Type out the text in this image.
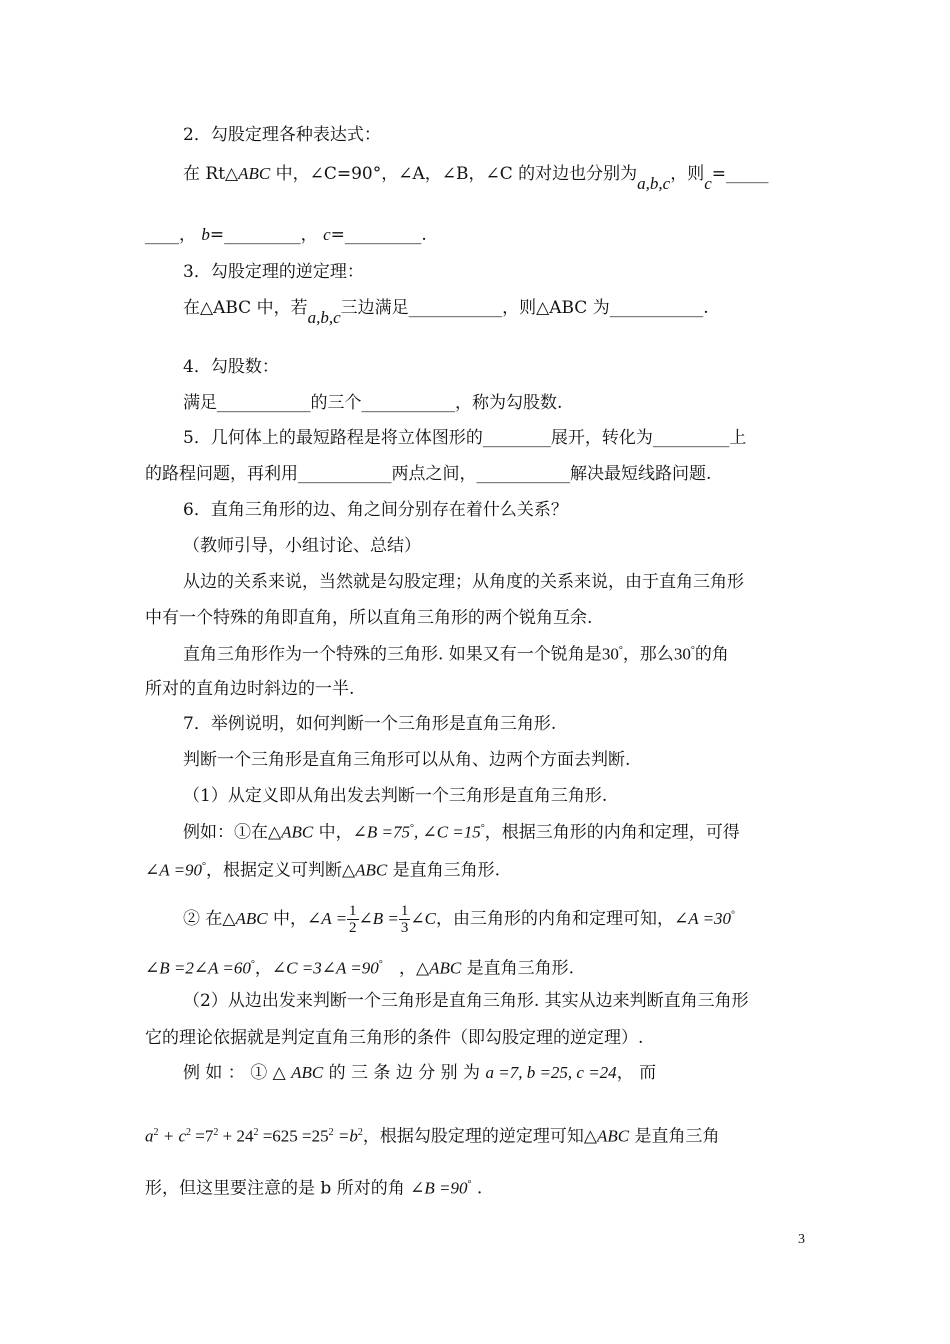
2．勾股定理各种表达式：
在 Rt△ABC 中，∠C=90°，∠A，∠B，∠C 的对边也分别为a,b,c，则c=_____
____， b=_________， c=_________.
3．勾股定理的逆定理：
在△ABC 中，若a,b,c三边满足___________，则△ABC 为___________.
4．勾股数：
满足___________的三个___________，称为勾股数.
5．几何体上的最短路程是将立体图形的________展开，转化为_________上
的路程问题，再利用___________两点之间，___________解决最短线路问题.
6．直角三角形的边、角之间分别存在着什么关系？
（教师引导，小组讨论、总结）
从边的关系来说，当然就是勾股定理；从角度的关系来说，由于直角三角形
中有一个特殊的角即直角，所以直角三角形的两个锐角互余.
直角三角形作为一个特殊的三角形. 如果又有一个锐角是30°，那么30°的角
所对的直角边时斜边的一半.
7．举例说明，如何判断一个三角形是直角三角形.
判断一个三角形是直角三角形可以从角、边两个方面去判断.
（1）从定义即从角出发去判断一个三角形是直角三角形.
例如：①在△ABC 中，∠B =75°, ∠C =15°，根据三角形的内角和定理，可得
∠A =90°，根据定义可判断△ABC 是直角三角形.
② 在△ABC 中，∠A = $\frac{1}{2}$ ∠B = $\frac{1}{3}$ ∠C，由三角形的内角和定理可知，∠A =30°
∠B =2∠A =60°，∠C =3∠A =90° ，△ABC 是直角三角形.
（2）从边出发来判断一个三角形是直角三角形. 其实从边来判断直角三角形
它的理论依据就是判定直角三角形的条件（即勾股定理的逆定理）.
例 如 ： ① △ ABC 的 三 条 边 分 别 为 a =7, b =25, c =24， 而
$a^2 + c^2 =7^2 + 24^2 =625 =25^2 =b^2$，根据勾股定理的逆定理可知△ABC 是直角三角
形，但这里要注意的是 b 所对的角 ∠B =90° .
3
